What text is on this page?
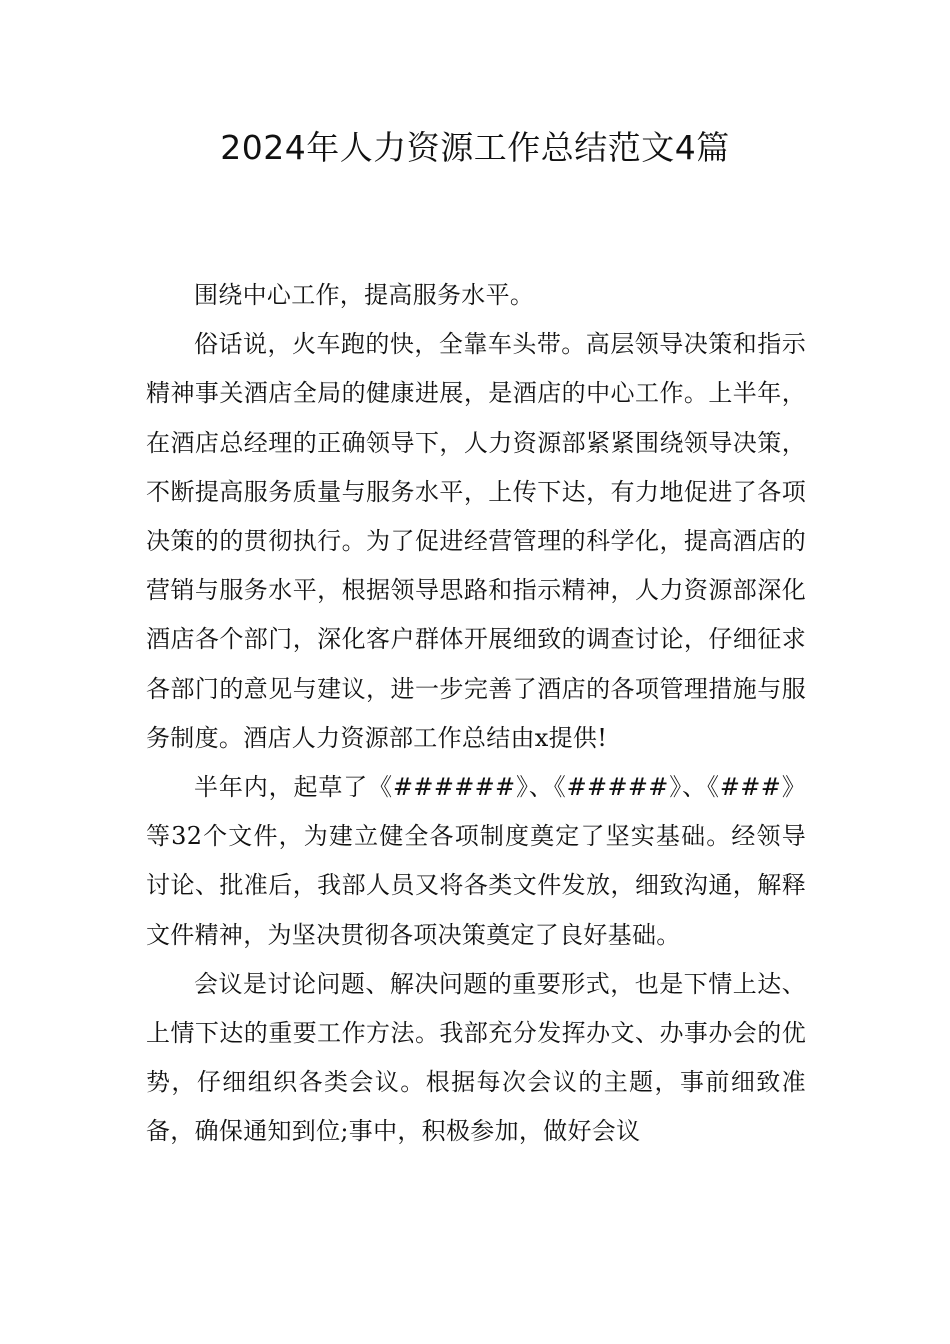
2024年人力资源工作总结范文4篇

围绕中心工作，提高服务水平。

俗话说，火车跑的快，全靠车头带。高层领导决策和指示精神事关酒店全局的健康进展，是酒店的中心工作。上半年，在酒店总经理的正确领导下，人力资源部紧紧围绕领导决策，不断提高服务质量与服务水平，上传下达，有力地促进了各项决策的的贯彻执行。为了促进经营管理的科学化，提高酒店的营销与服务水平，根据领导思路和指示精神，人力资源部深化酒店各个部门，深化客户群体开展细致的调查讨论，仔细征求各部门的意见与建议，进一步完善了酒店的各项管理措施与服务制度。酒店人力资源部工作总结由x提供!

半年内，起草了《######》、《#####》、《###》等32个文件，为建立健全各项制度奠定了坚实基础。经领导讨论、批准后，我部人员又将各类文件发放，细致沟通，解释文件精神，为坚决贯彻各项决策奠定了良好基础。

会议是讨论问题、解决问题的重要形式，也是下情上达、上情下达的重要工作方法。我部充分发挥办文、办事办会的优势，仔细组织各类会议。根据每次会议的主题，事前细致准备，确保通知到位;事中，积极参加，做好会议
